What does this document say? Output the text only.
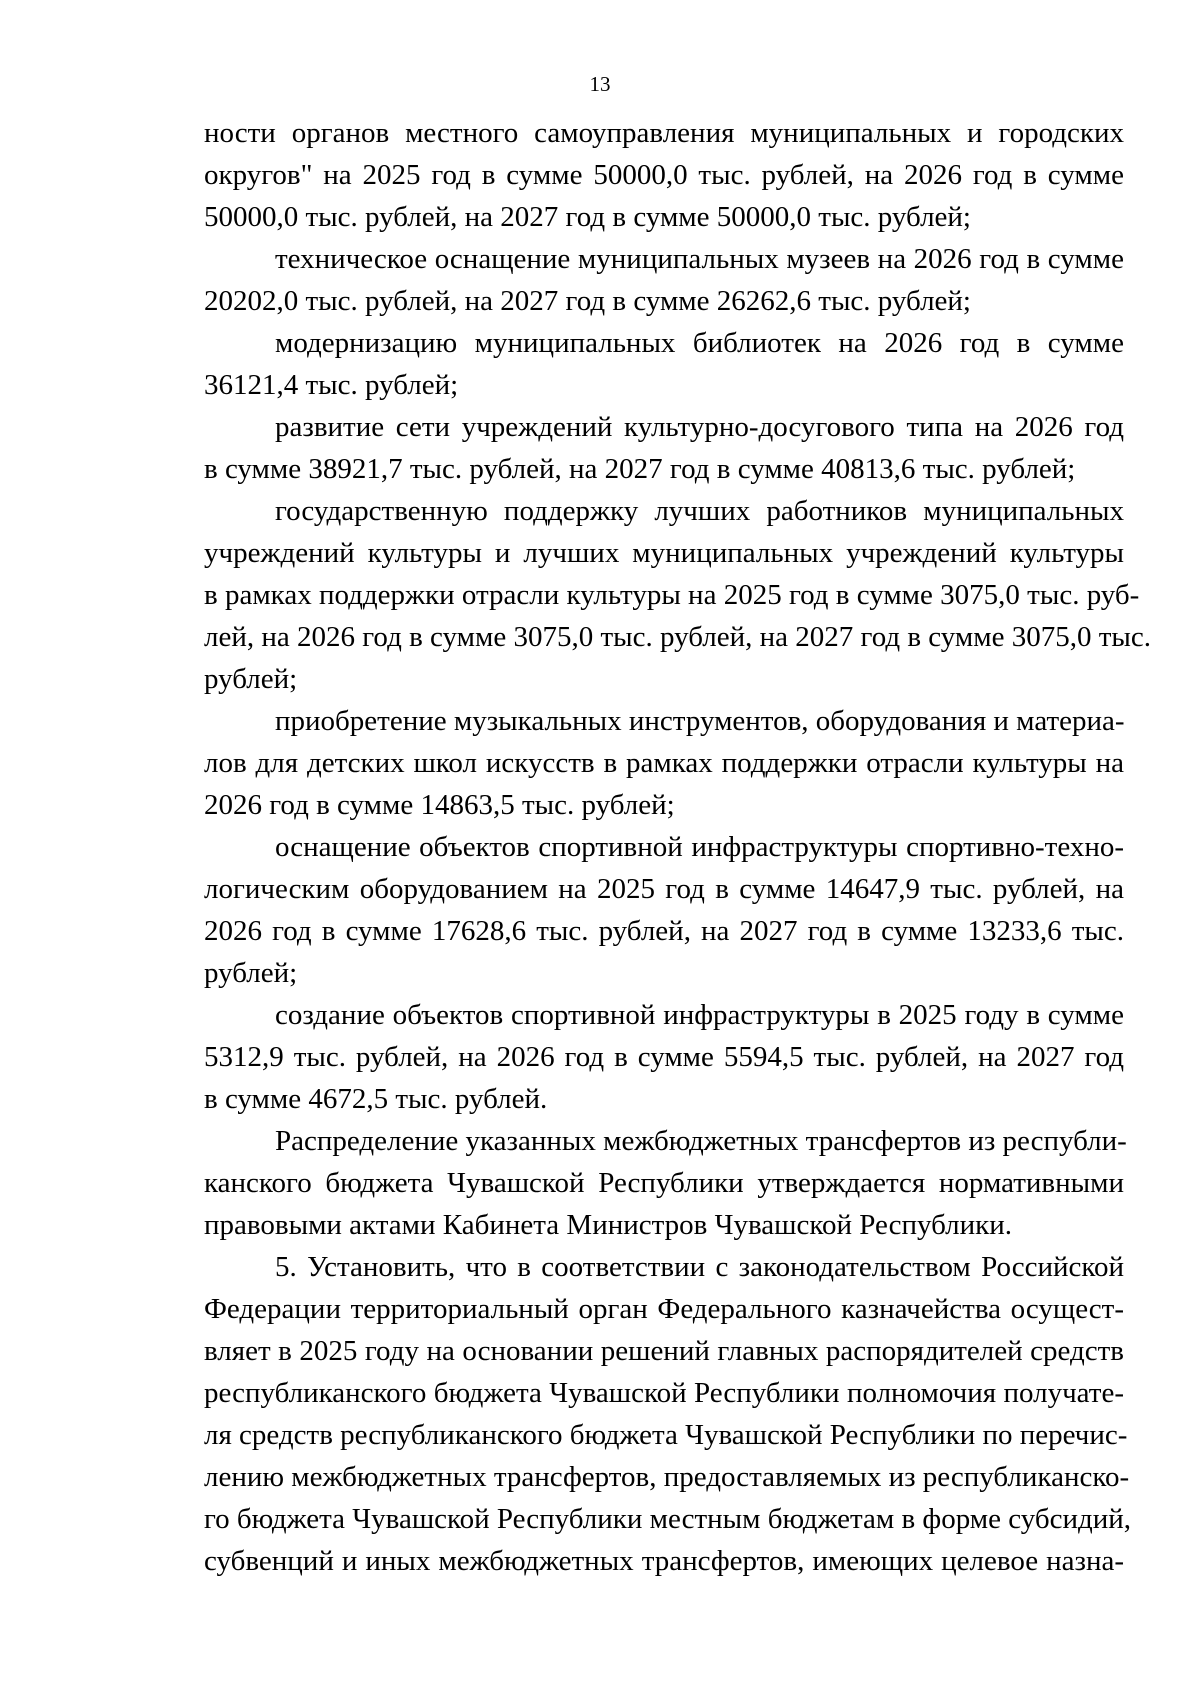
13
ности органов местного самоуправления муниципальных и городских
округов" на 2025 год в сумме 50000,0 тыс. рублей, на 2026 год в сумме
50000,0 тыс. рублей, на 2027 год в сумме 50000,0 тыс. рублей;
техническое оснащение муниципальных музеев на 2026 год в сумме
20202,0 тыс. рублей, на 2027 год в сумме 26262,6 тыс. рублей;
модернизацию муниципальных библиотек на 2026 год в сумме
36121,4 тыс. рублей;
развитие сети учреждений культурно-досугового типа на 2026 год
в сумме 38921,7 тыс. рублей, на 2027 год в сумме 40813,6 тыс. рублей;
государственную поддержку лучших работников муниципальных
учреждений культуры и лучших муниципальных учреждений культуры
в рамках поддержки отрасли культуры на 2025 год в сумме 3075,0 тыс. руб-
лей, на 2026 год в сумме 3075,0 тыс. рублей, на 2027 год в сумме 3075,0 тыс.
рублей;
приобретение музыкальных инструментов, оборудования и материа-
лов для детских школ искусств в рамках поддержки отрасли культуры на
2026 год в сумме 14863,5 тыс. рублей;
оснащение объектов спортивной инфраструктуры спортивно-техно-
логическим оборудованием на 2025 год в сумме 14647,9 тыс. рублей, на
2026 год в сумме 17628,6 тыс. рублей, на 2027 год в сумме 13233,6 тыс.
рублей;
создание объектов спортивной инфраструктуры в 2025 году в сумме
5312,9 тыс. рублей, на 2026 год в сумме 5594,5 тыс. рублей, на 2027 год
в сумме 4672,5 тыс. рублей.
Распределение указанных межбюджетных трансфертов из республи-
канского бюджета Чувашской Республики утверждается нормативными
правовыми актами Кабинета Министров Чувашской Республики.
5. Установить, что в соответствии с законодательством Российской
Федерации территориальный орган Федерального казначейства осущест-
вляет в 2025 году на основании решений главных распорядителей средств
республиканского бюджета Чувашской Республики полномочия получате-
ля средств республиканского бюджета Чувашской Республики по перечис-
лению межбюджетных трансфертов, предоставляемых из республиканско-
го бюджета Чувашской Республики местным бюджетам в форме субсидий,
субвенций и иных межбюджетных трансфертов, имеющих целевое назна-
